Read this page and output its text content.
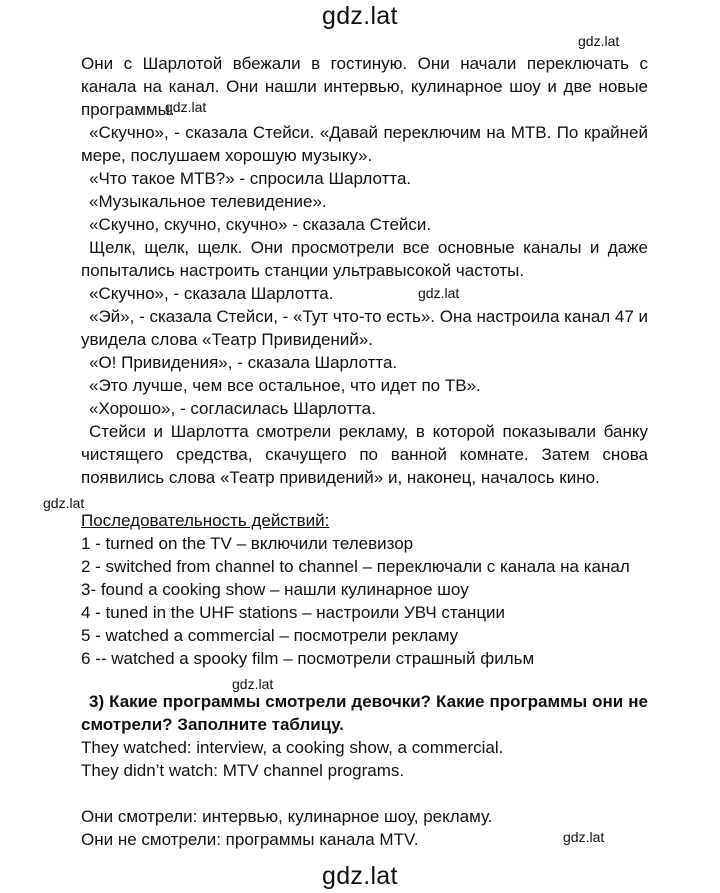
gdz.lat
gdz.lat
gdz.lat
gdz.lat
gdz.lat
gdz.lat
gdz.lat
gdz.lat
Они с Шарлотой вбежали в гостиную. Они начали переключать с
канала на канал. Они нашли интервью, кулинарное шоу и две новые
программы.
«Скучно», - сказала Стейси. «Давай переключим на МТВ. По крайней
мере, послушаем хорошую музыку».
«Что такое МТВ?» - спросила Шарлотта.
«Музыкальное телевидение».
«Скучно, скучно, скучно» - сказала Стейси.
Щелк, щелк, щелк. Они просмотрели все основные каналы и даже
попытались настроить станции ультравысокой частоты.
«Скучно», - сказала Шарлотта.
«Эй», - сказала Стейси, - «Тут что-то есть». Она настроила канал 47 и
увидела слова «Театр Привидений».
«О! Привидения», - сказала Шарлотта.
«Это лучше, чем все остальное, что идет по ТВ».
«Хорошо», - согласилась Шарлотта.
Стейси и Шарлотта смотрели рекламу, в которой показывали банку
чистящего средства, скачущего по ванной комнате. Затем снова
появились слова «Театр привидений» и, наконец, началось кино.
Последовательность действий:
1 - turned on the TV – включили телевизор
2 - switched from channel to channel – переключали с канала на канал
3- found a cooking show – нашли кулинарное шоу
4 - tuned in the UHF stations – настроили УВЧ станции
5 - watched a commercial – посмотрели рекламу
6 -- watched a spooky film – посмотрели страшный фильм
3) Какие программы смотрели девочки? Какие программы они не
смотрели? Заполните таблицу.
They watched: interview, a cooking show, a commercial.
They didn’t watch: MTV channel programs.
Они смотрели: интервью, кулинарное шоу, рекламу.
Они не смотрели: программы канала MTV.
